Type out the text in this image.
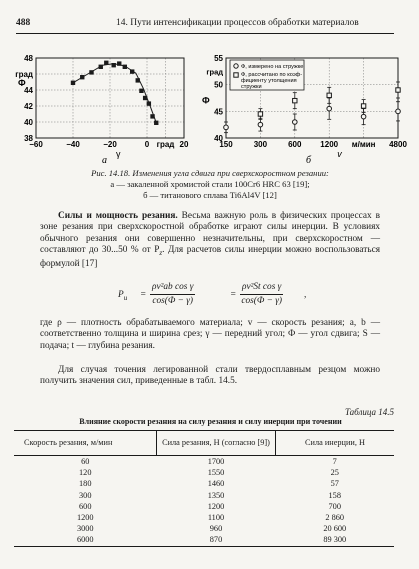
488	14. Пути интенсификации процессов обработки материалов
−60	−40	−20	0 град 20
48
град
44
42
40
38
Ф
γ
а
150	300	600 1200 м/мин 4800
55
50
45
40
град
Ф, измерено на стружке
Ф, рассчитано по коэф-
фициенту утолщения
стружки
Ф
v
б
Рис. 14.18. Изменения угла сдвига при сверхскоростном резании:
а — закаленной хромистой стали 100Cr6 HRC 63 [19];
б — титанового сплава Ti6Al4V [12]

Силы и мощность резания. Весьма важную роль в физических процессах в зоне резания при сверхскоростной обработке играют силы инерции. В условиях обычного резания они совершенно незначительны, при сверхскоростном — составляют до 30...50 % от $P_z$. Для расчетов силы инерции можно воспользоваться формулой [17]

$P_и$ =
ρv²ab cos γ
cos(Ф − γ)
=
ρv²St cos γ
cos(Ф − γ)
,

где ρ — плотность обрабатываемого материала; v — скорость резания; a, b — соответственно толщина и ширина срез; γ — передний угол; Ф — угол сдвига; S — подача; t — глубина резания.

Для случая точения легированной стали твердосплавным резцом можно получить значения сил, приведенные в табл. 14.5.

Таблица 14.5
Влияние скорости резания на силу резания и силу инерции при точении
Скорость резания, м/мин	Сила резания, Н (согласно [9])	Сила инерции, Н
60	1700	7
120	1550	25
180	1460	57
300	1350	158
600	1200	700
1200	1100	2 860
3000	960	20 600
6000	870	89 300
